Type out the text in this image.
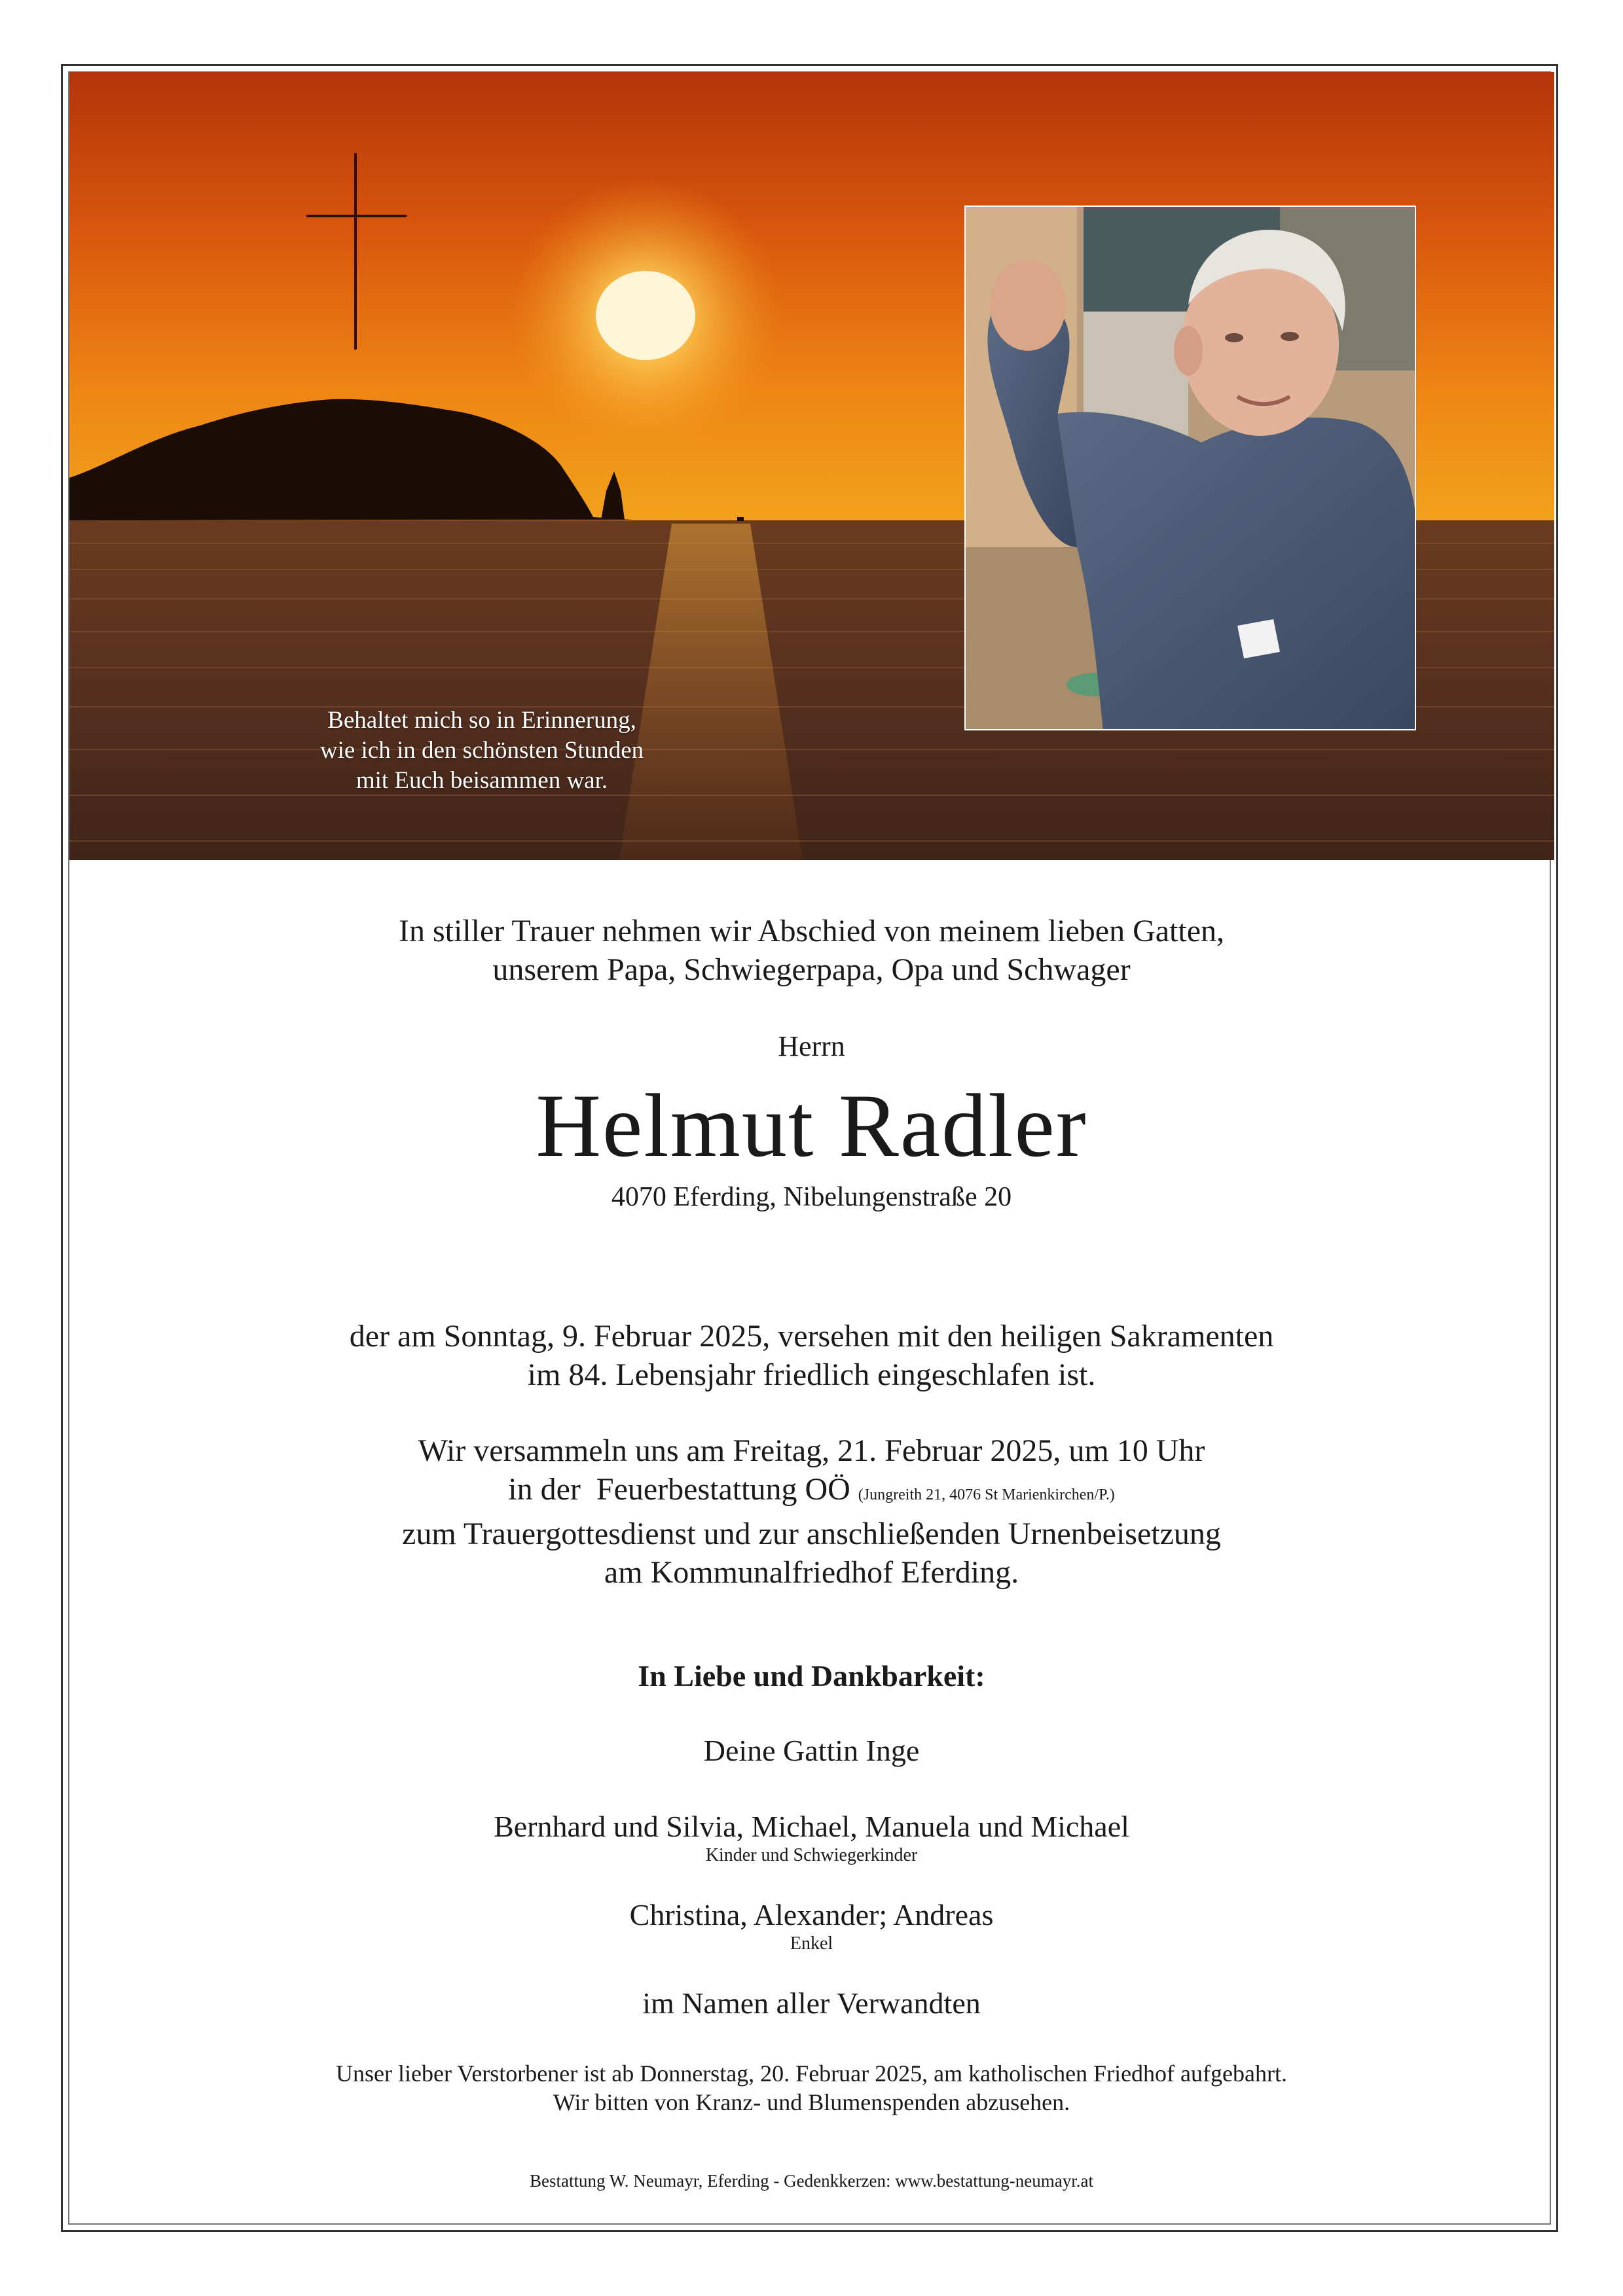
Behaltet mich so in Erinnerung,
wie ich in den schönsten Stunden
mit Euch beisammen war.
In stiller Trauer nehmen wir Abschied von meinem lieben Gatten,
unserem Papa, Schwiegerpapa, Opa und Schwager
Herrn
Helmut Radler
4070 Eferding, Nibelungenstraße 20
der am Sonntag, 9. Februar 2025, versehen mit den heiligen Sakramenten
im 84. Lebensjahr friedlich eingeschlafen ist.
Wir versammeln uns am Freitag, 21. Februar 2025, um 10 Uhr
in der  Feuerbestattung OÖ (Jungreith 21, 4076 St Marienkirchen/P.)
zum Trauergottesdienst und zur anschließenden Urnenbeisetzung
am Kommunalfriedhof Eferding.
In Liebe und Dankbarkeit:
Deine Gattin Inge
Bernhard und Silvia, Michael, Manuela und Michael
Kinder und Schwiegerkinder
Christina, Alexander; Andreas
Enkel
im Namen aller Verwandten
Unser lieber Verstorbener ist ab Donnerstag, 20. Februar 2025, am katholischen Friedhof aufgebahrt.
Wir bitten von Kranz- und Blumenspenden abzusehen.
Bestattung W. Neumayr, Eferding - Gedenkkerzen: www.bestattung-neumayr.at
